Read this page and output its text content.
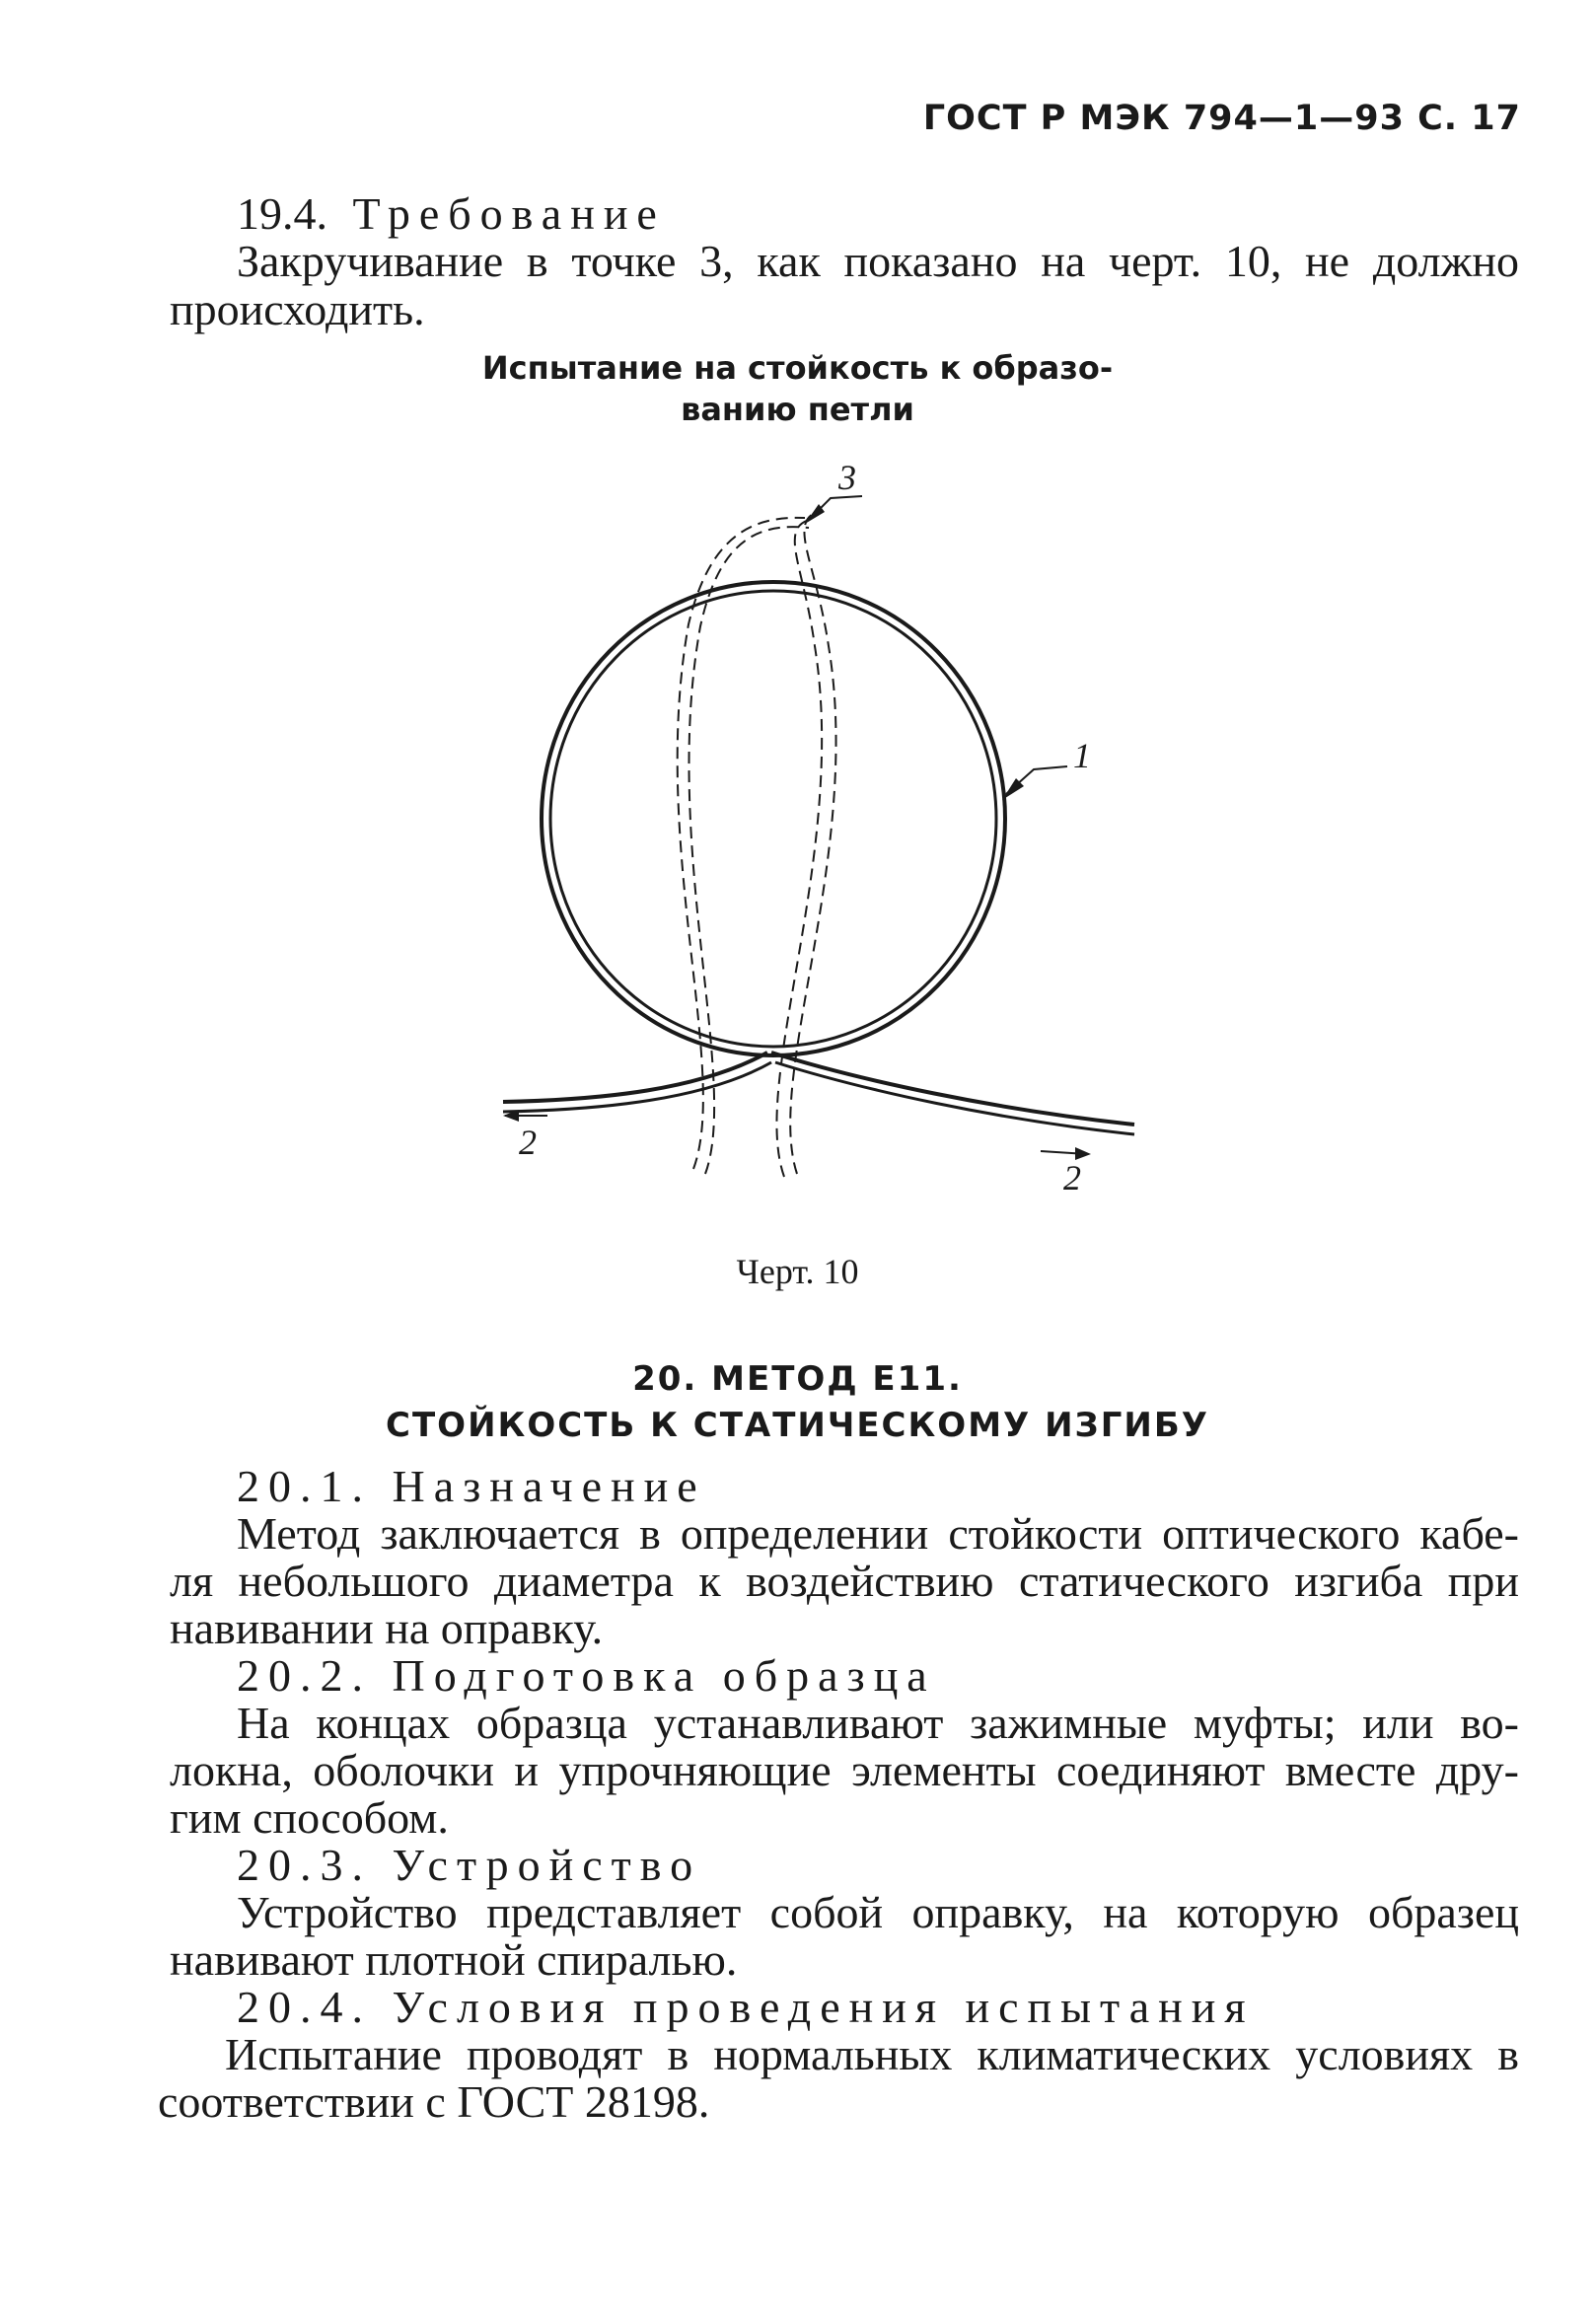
ГОСТ Р МЭК 794—1—93 С. 17
19.4. Требование
Закручивание в точке 3, как показано на черт. 10, не должно
происходить.
Испытание на стойкость к образо-
ванию петли
3
1
2
2
Черт. 10
20. МЕТОД Е11.
СТОЙКОСТЬ К СТАТИЧЕСКОМУ ИЗГИБУ
20.1. Назначение
Метод заключается в определении стойкости оптического кабе-
ля небольшого диаметра к воздействию статического изгиба при
навивании на оправку.
20.2. Подготовка образца
На концах образца устанавливают зажимные муфты; или во-
локна, оболочки и упрочняющие элементы соединяют вместе дру-
гим способом.
20.3. Устройство
Устройство представляет собой оправку, на которую образец
навивают плотной спиралью.
20.4. Условия проведения испытания
Испытание проводят в нормальных климатических условиях в
соответствии с ГОСТ 28198.
